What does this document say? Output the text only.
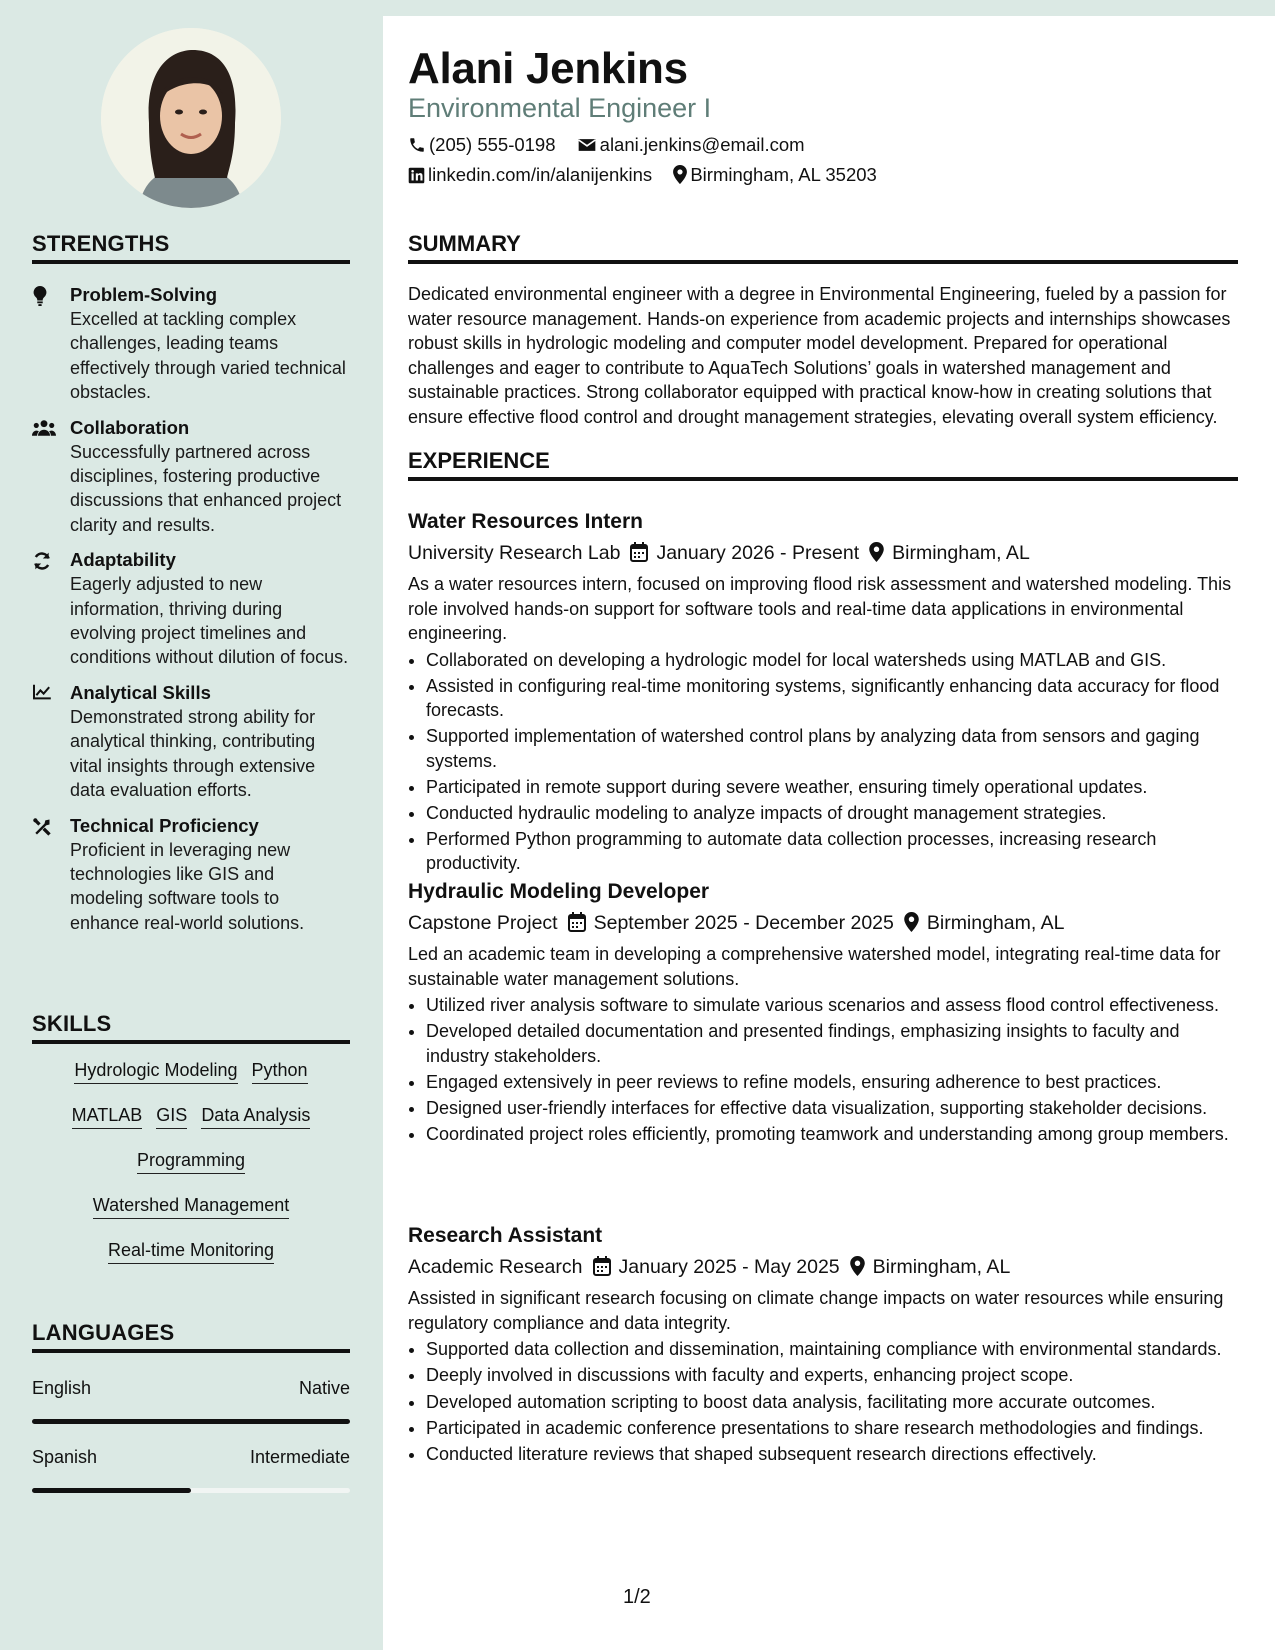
STRENGTHS
Problem-Solving
Excelled at tackling complex challenges, leading teams effectively through varied technical obstacles.
Collaboration
Successfully partnered across disciplines, fostering productive discussions that enhanced project clarity and results.
Adaptability
Eagerly adjusted to new information, thriving during evolving project timelines and conditions without dilution of focus.
Analytical Skills
Demonstrated strong ability for analytical thinking, contributing vital insights through extensive data evaluation efforts.
Technical Proficiency
Proficient in leveraging new technologies like GIS and modeling software tools to enhance real-world solutions.
SKILLS
Hydrologic Modeling Python
MATLAB GIS Data Analysis
Programming
Watershed Management
Real-time Monitoring
LANGUAGES
English	Native
Spanish	Intermediate
Alani Jenkins
Environmental Engineer I
(205) 555-0198 alani.jenkins@email.com
linkedin.com/in/alanijenkins Birmingham, AL 35203
SUMMARY
Dedicated environmental engineer with a degree in Environmental Engineering, fueled by a passion for water resource management. Hands-on experience from academic projects and internships showcases robust skills in hydrologic modeling and computer model development. Prepared for operational challenges and eager to contribute to AquaTech Solutions’ goals in watershed management and sustainable practices. Strong collaborator equipped with practical know-how in creating solutions that ensure effective flood control and drought management strategies, elevating overall system efficiency.
EXPERIENCE
Water Resources Intern
University Research Lab January 2026 - Present Birmingham, AL
As a water resources intern, focused on improving flood risk assessment and watershed modeling. This role involved hands-on support for software tools and real-time data applications in environmental engineering.
• Collaborated on developing a hydrologic model for local watersheds using MATLAB and GIS.
• Assisted in configuring real-time monitoring systems, significantly enhancing data accuracy for flood forecasts.
• Supported implementation of watershed control plans by analyzing data from sensors and gaging systems.
• Participated in remote support during severe weather, ensuring timely operational updates.
• Conducted hydraulic modeling to analyze impacts of drought management strategies.
• Performed Python programming to automate data collection processes, increasing research productivity.
Hydraulic Modeling Developer
Capstone Project September 2025 - December 2025 Birmingham, AL
Led an academic team in developing a comprehensive watershed model, integrating real-time data for sustainable water management solutions.
• Utilized river analysis software to simulate various scenarios and assess flood control effectiveness.
• Developed detailed documentation and presented findings, emphasizing insights to faculty and industry stakeholders.
• Engaged extensively in peer reviews to refine models, ensuring adherence to best practices.
• Designed user-friendly interfaces for effective data visualization, supporting stakeholder decisions.
• Coordinated project roles efficiently, promoting teamwork and understanding among group members.
Research Assistant
Academic Research January 2025 - May 2025 Birmingham, AL
Assisted in significant research focusing on climate change impacts on water resources while ensuring regulatory compliance and data integrity.
• Supported data collection and dissemination, maintaining compliance with environmental standards.
• Deeply involved in discussions with faculty and experts, enhancing project scope.
• Developed automation scripting to boost data analysis, facilitating more accurate outcomes.
• Participated in academic conference presentations to share research methodologies and findings.
• Conducted literature reviews that shaped subsequent research directions effectively.
1/2
